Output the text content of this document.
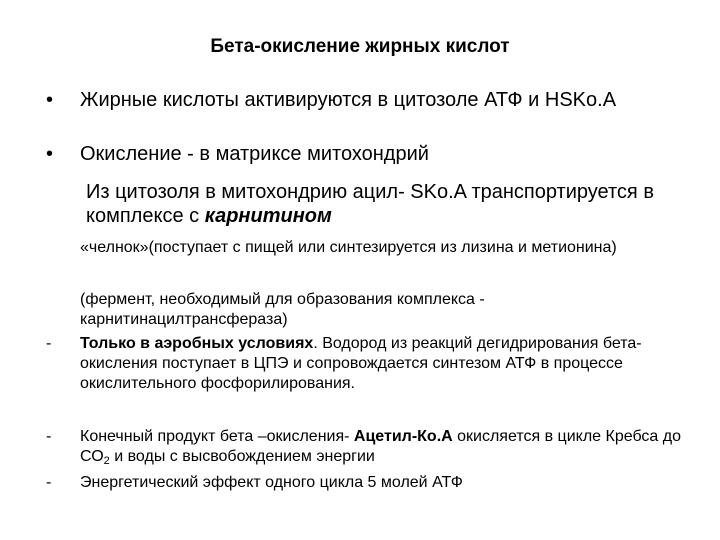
Бета-окисление жирных кислот
• Жирные кислоты активируются в цитозоле АТФ и HSKo.A
• Окисление - в матриксе митохондрий
Из цитозоля в митохондрию ацил- SKo.A транспортируется в комплексе с карнитином
«челнок»(поступает с пищей или синтезируется из лизина и метионина)
(фермент, необходимый для образования комплекса - карнитинацилтрансфераза)
- Только в аэробных условиях. Водород из реакций дегидрирования бета-окисления поступает в ЦПЭ и сопровождается синтезом АТФ в процессе окислительного фосфорилирования.
- Конечный продукт бета –окисления- Ацетил-Ко.А окисляется в цикле Кребса до $СО_2$ и воды с высвобождением энергии
- Энергетический эффект одного цикла 5 молей АТФ
